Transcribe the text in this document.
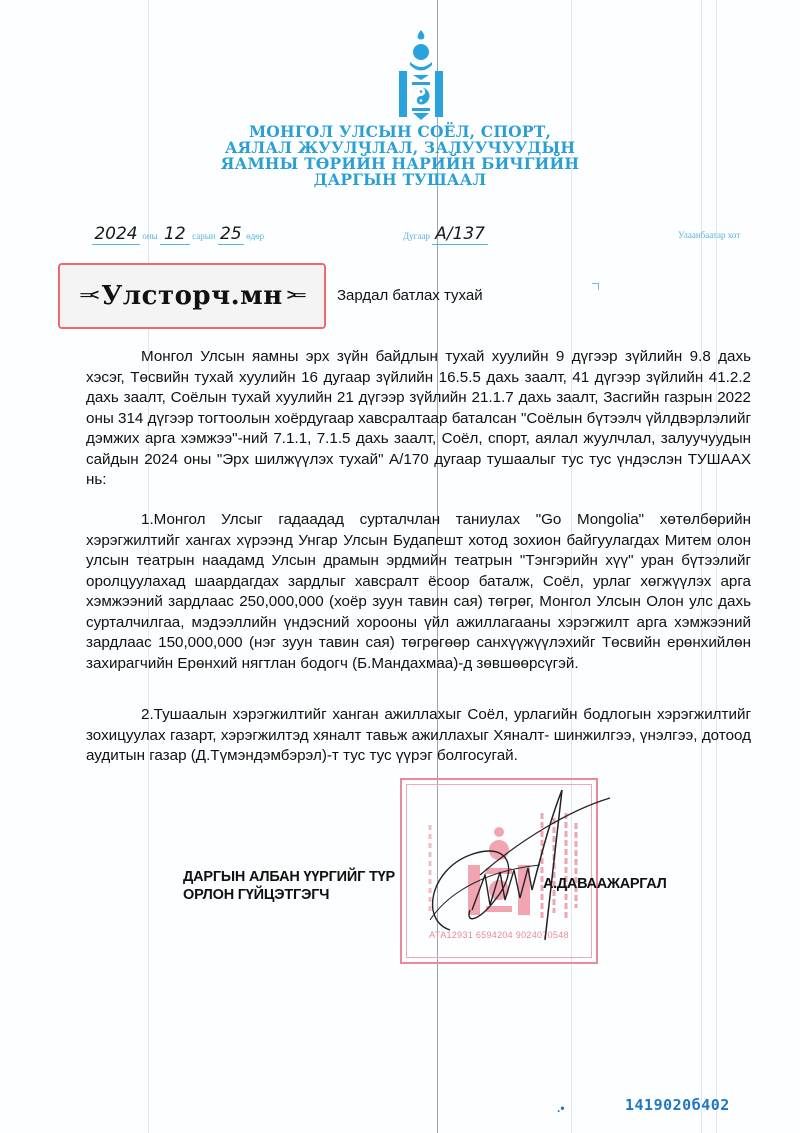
МОНГОЛ УЛСЫН СОЁЛ, СПОРТ,
АЯЛАЛ ЖУУЛЧЛАЛ, ЗАЛУУЧУУДЫН
ЯАМНЫ ТӨРИЙН НАРИЙН БИЧГИЙН
ДАРГЫН ТУШААЛ
2024 оны 12 сарын 25 өдөр	Дугаар А/137	Улаанбаатар хот
═< Улсторч.мн >═ Зардал батлах тухай
Монгол Улсын яамны эрх зүйн байдлын тухай хуулийн 9 дүгээр зүйлийн 9.8 дахь хэсэг, Төсвийн тухай хуулийн 16 дугаар зүйлийн 16.5.5 дахь заалт, 41 дүгээр зүйлийн 41.2.2 дахь заалт, Соёлын тухай хуулийн 21 дүгээр зүйлийн 21.1.7 дахь заалт, Засгийн газрын 2022 оны 314 дүгээр тогтоолын хоёрдугаар хавсралтаар баталсан "Соёлын бүтээлч үйлдвэрлэлийг дэмжих арга хэмжээ"-ний 7.1.1, 7.1.5 дахь заалт, Соёл, спорт, аялал жуулчлал, залуучуудын сайдын 2024 оны "Эрх шилжүүлэх тухай" А/170 дугаар тушаалыг тус тус үндэслэн ТУШААХ нь:
1.Монгол Улсыг гадаадад сурталчлан таниулах "Go Mongolia" хөтөлбөрийн хэрэгжилтийг хангах хүрээнд Унгар Улсын Будапешт хотод зохион байгуулагдах Митем олон улсын театрын наадамд Улсын драмын эрдмийн театрын "Тэнгэрийн хүү" уран бүтээлийг оролцуулахад шаардагдах зардлыг хавсралт ёсоор баталж, Соёл, урлаг хөгжүүлэх арга хэмжээний зардлаас 250,000,000 (хоёр зуун тавин сая) төгрөг, Монгол Улсын Олон улс дахь сурталчилгаа, мэдээллийн үндэсний хорооны үйл ажиллагааны хэрэгжилт арга хэмжээний зардлаас 150,000,000 (нэг зуун тавин сая) төгрөгөөр санхүүжүүлэхийг Төсвийн ерөнхийлөн захирагчийн Ерөнхий нягтлан бодогч (Б.Мандахмаа)-д зөвшөөрсүгэй.
2.Тушаалын хэрэгжилтийг ханган ажиллахыг Соёл, урлагийн бодлогын хэрэгжилтийг зохицуулах газарт, хэрэгжилтэд хяналт тавьж ажиллахыг Хяналт- шинжилгээ, үнэлгээ, дотоод аудитын газар (Д.Түмэндэмбэрэл)-т тус тус үүрэг болгосугай.
АТА12931 6594204 9024070548
ДАРГЫН АЛБАН ҮҮРГИЙГ ТҮР
ОРЛОН ГҮЙЦЭТГЭГЧ
А.ДАВААЖАРГАЛ
.•	1419020б402
